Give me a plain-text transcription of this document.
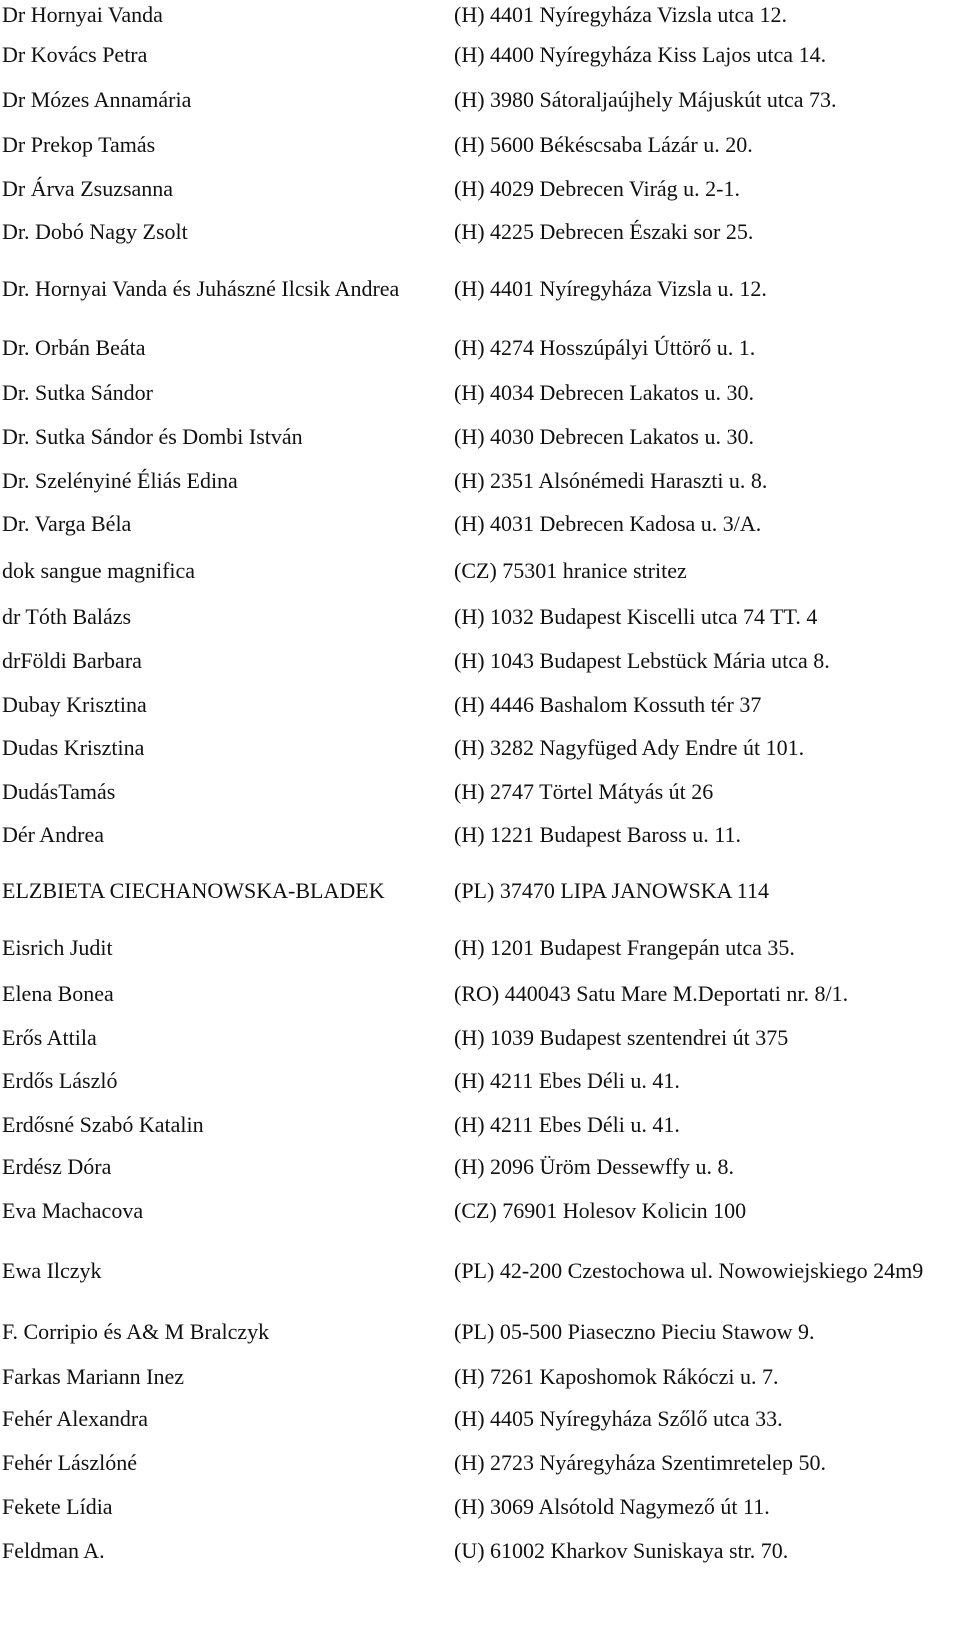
Dr Hornyai Vanda	(H) 4401 Nyíregyháza Vizsla utca 12.
Dr Kovács Petra	(H) 4400 Nyíregyháza Kiss Lajos utca 14.
Dr Mózes Annamária	(H) 3980 Sátoraljaújhely Májuskút utca 73.
Dr Prekop Tamás	(H) 5600 Békéscsaba Lázár u. 20.
Dr Árva Zsuzsanna	(H) 4029 Debrecen Virág u. 2-1.
Dr. Dobó Nagy Zsolt	(H) 4225 Debrecen Északi sor 25.
Dr. Hornyai Vanda és Juhászné Ilcsik Andrea (H) 4401 Nyíregyháza Vizsla u. 12.
Dr. Orbán Beáta	(H) 4274 Hosszúpályi Úttörő u. 1.
Dr. Sutka Sándor	(H) 4034 Debrecen Lakatos u. 30.
Dr. Sutka Sándor és Dombi István	(H) 4030 Debrecen Lakatos u. 30.
Dr. Szelényiné Éliás Edina	(H) 2351 Alsónémedi Haraszti u. 8.
Dr. Varga Béla	(H) 4031 Debrecen Kadosa u. 3/A.
dok sangue magnifica	(CZ) 75301 hranice stritez
dr Tóth Balázs	(H) 1032 Budapest Kiscelli utca 74 TT. 4
drFöldi Barbara	(H) 1043 Budapest Lebstück Mária utca 8.
Dubay Krisztina	(H) 4446 Bashalom Kossuth tér 37
Dudas Krisztina	(H) 3282 Nagyfüged Ady Endre út 101.
DudásTamás	(H) 2747 Törtel Mátyás út 26
Dér Andrea	(H) 1221 Budapest Baross u. 11.
ELZBIETA CIECHANOWSKA-BLADEK	(PL) 37470 LIPA JANOWSKA 114
Eisrich Judit	(H) 1201 Budapest Frangepán utca 35.
Elena Bonea	(RO) 440043 Satu Mare M.Deportati nr. 8/1.
Erős Attila	(H) 1039 Budapest szentendrei út 375
Erdős László	(H) 4211 Ebes Déli u. 41.
Erdősné Szabó Katalin	(H) 4211 Ebes Déli u. 41.
Erdész Dóra	(H) 2096 Üröm Dessewffy u. 8.
Eva Machacova	(CZ) 76901 Holesov Kolicin 100
Ewa Ilczyk	(PL) 42-200 Czestochowa ul. Nowowiejskiego 24m9
F. Corripio és A& M Bralczyk	(PL) 05-500 Piaseczno Pieciu Stawow 9.
Farkas Mariann Inez	(H) 7261 Kaposhomok Rákóczi u. 7.
Fehér Alexandra	(H) 4405 Nyíregyháza Szőlő utca 33.
Fehér Lászlóné	(H) 2723 Nyáregyháza Szentimretelep 50.
Fekete Lídia	(H) 3069 Alsótold Nagymező út 11.
Feldman A.	(U) 61002 Kharkov Suniskaya str. 70.
